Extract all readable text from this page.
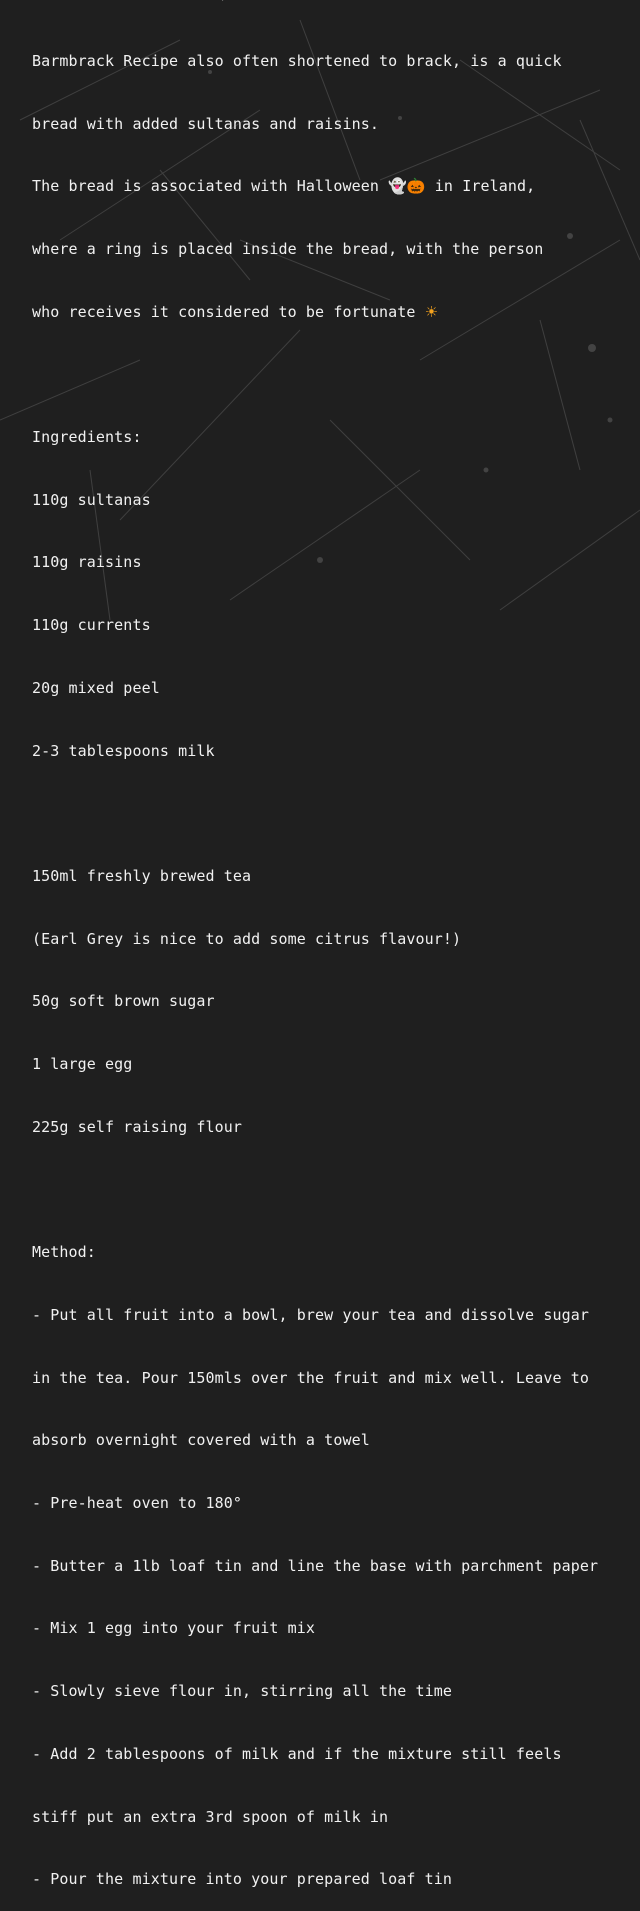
Barmbrack Recipe also often shortened to brack, is a quick

bread with added sultanas and raisins.

The bread is associated with Halloween 👻🎃 in Ireland,

where a ring is placed inside the bread, with the person

who receives it considered to be fortunate ☀

Ingredients:

110g sultanas

110g raisins

110g currents

20g mixed peel

2-3 tablespoons milk

150ml freshly brewed tea

(Earl Grey is nice to add some citrus flavour!)

50g soft brown sugar

1 large egg

225g self raising flour

Method:

- Put all fruit into a bowl, brew your tea and dissolve sugar

in the tea. Pour 150mls over the fruit and mix well. Leave to

absorb overnight covered with a towel

- Pre-heat oven to 180°

- Butter a 1lb loaf tin and line the base with parchment paper

- Mix 1 egg into your fruit mix

- Slowly sieve flour in, stirring all the time

- Add 2 tablespoons of milk and if the mixture still feels

stiff put an extra 3rd spoon of milk in

- Pour the mixture into your prepared loaf tin
